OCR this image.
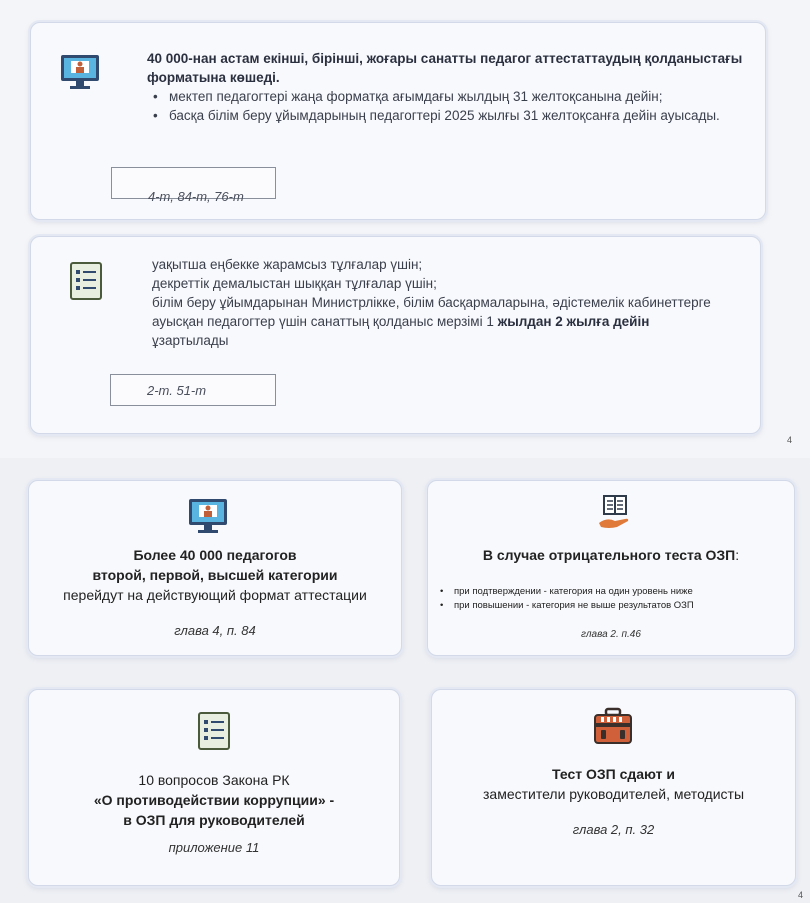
40 000-нан астам екінші, бірінші, жоғары санатты педагог аттестаттаудың қолданыстағы форматына көшеді.
• мектеп педагогтері жаңа форматқа ағымдағы жылдың 31 желтоқсанына дейін;
• басқа білім беру ұйымдарының педагогтері 2025 жылғы 31 желтоқсанға дейін ауысады.
4-т, 84-т, 76-т
уақытша еңбекке жарамсыз тұлғалар үшін;
декреттік демалыстан шыққан тұлғалар үшін;
білім беру ұйымдарынан Министрлікке, білім басқармаларына, әдістемелік кабинеттерге ауысқан педагогтер үшін санаттың қолданыс мерзімі 1 жылдан 2 жылға дейін ұзартылады
2-т. 51-т
4
Более 40 000 педагогов
второй, первой, высшей категории
перейдут на действующий формат аттестации
глава 4, п. 84
В случае отрицательного теста ОЗП:
• при подтверждении - категория на один уровень ниже
• при повышении - категория не выше результатов ОЗП
глава 2. п.46
10 вопросов Закона РК
«О противодействии коррупции» -
в ОЗП для руководителей
приложение 11
Тест ОЗП сдают и
заместители руководителей, методисты
глава 2, п. 32
4
